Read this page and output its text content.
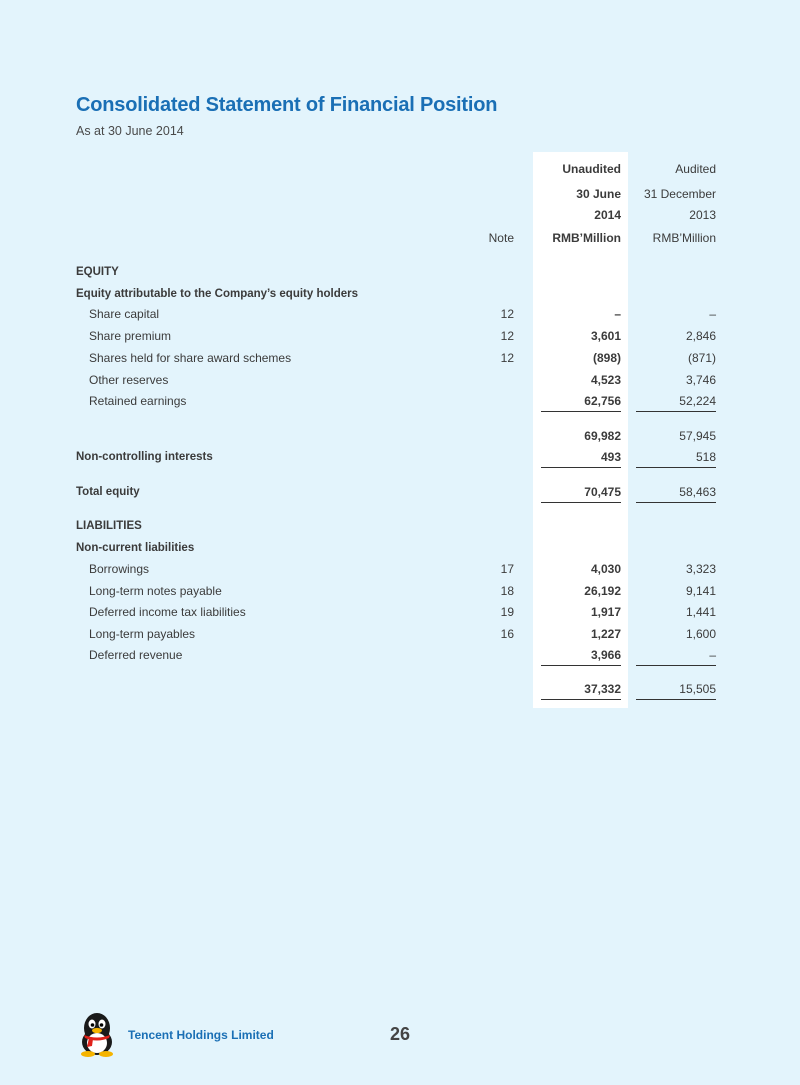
Consolidated Statement of Financial Position
As at 30 June 2014
Unaudited	Audited
30 June	31 December
2014	2013
Note	RMB’Million	RMB’Million
EQUITY
Equity attributable to the Company’s equity holders
Share capital	12	–	–
Share premium	12	3,601	2,846
Shares held for share award schemes	12	(898)	(871)
Other reserves	4,523	3,746
Retained earnings	62,756	52,224
69,982	57,945
Non-controlling interests	493	518
Total equity	70,475	58,463
LIABILITIES
Non-current liabilities
Borrowings	17	4,030	3,323
Long-term notes payable	18	26,192	9,141
Deferred income tax liabilities	19	1,917	1,441
Long-term payables	16	1,227	1,600
Deferred revenue	3,966	–
37,332	15,505
Tencent Holdings Limited	26
